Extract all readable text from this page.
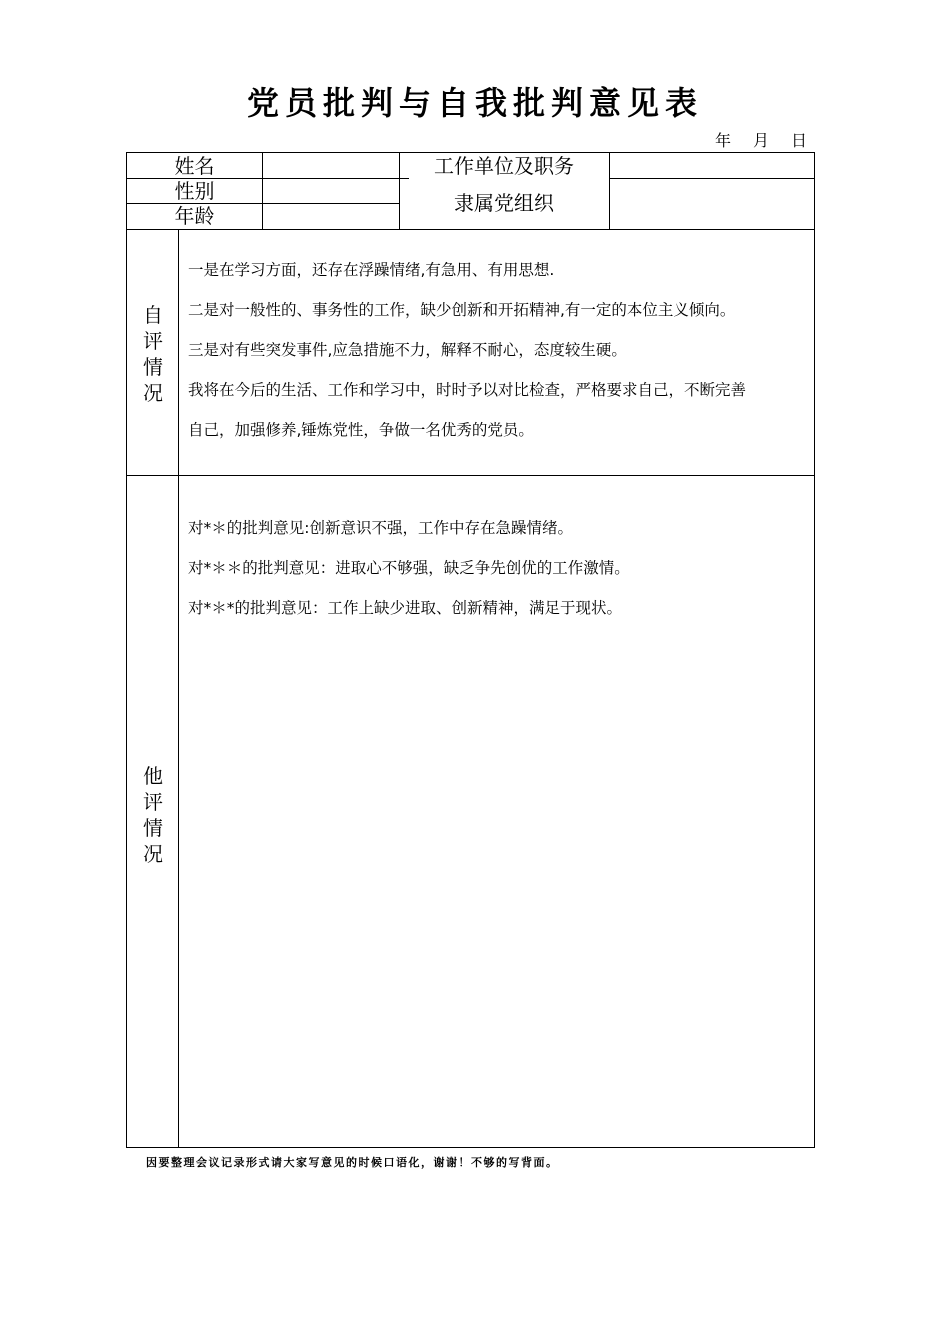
党员批判与自我批判意见表
年 月 日
姓名
性别
年龄
工作单位及职务
隶属党组织
自
评
情
况

一是在学习方面，还存在浮躁情绪,有急用、有用思想.

二是对一般性的、事务性的工作，缺少创新和开拓精神,有一定的本位主义倾向。

三是对有些突发事件,应急措施不力，解释不耐心，态度较生硬。

我将在今后的生活、工作和学习中，时时予以对比检查，严格要求自己，不断完善

自己，加强修养,锤炼党性，争做一名优秀的党员。

他
评
情
况

对*＊的批判意见:创新意识不强，工作中存在急躁情绪。

对*＊＊的批判意见：进取心不够强，缺乏争先创优的工作激情。

对*＊*的批判意见：工作上缺少进取、创新精神，满足于现状。

因要整理会议记录形式请大家写意见的时候口语化，谢谢！不够的写背面。
